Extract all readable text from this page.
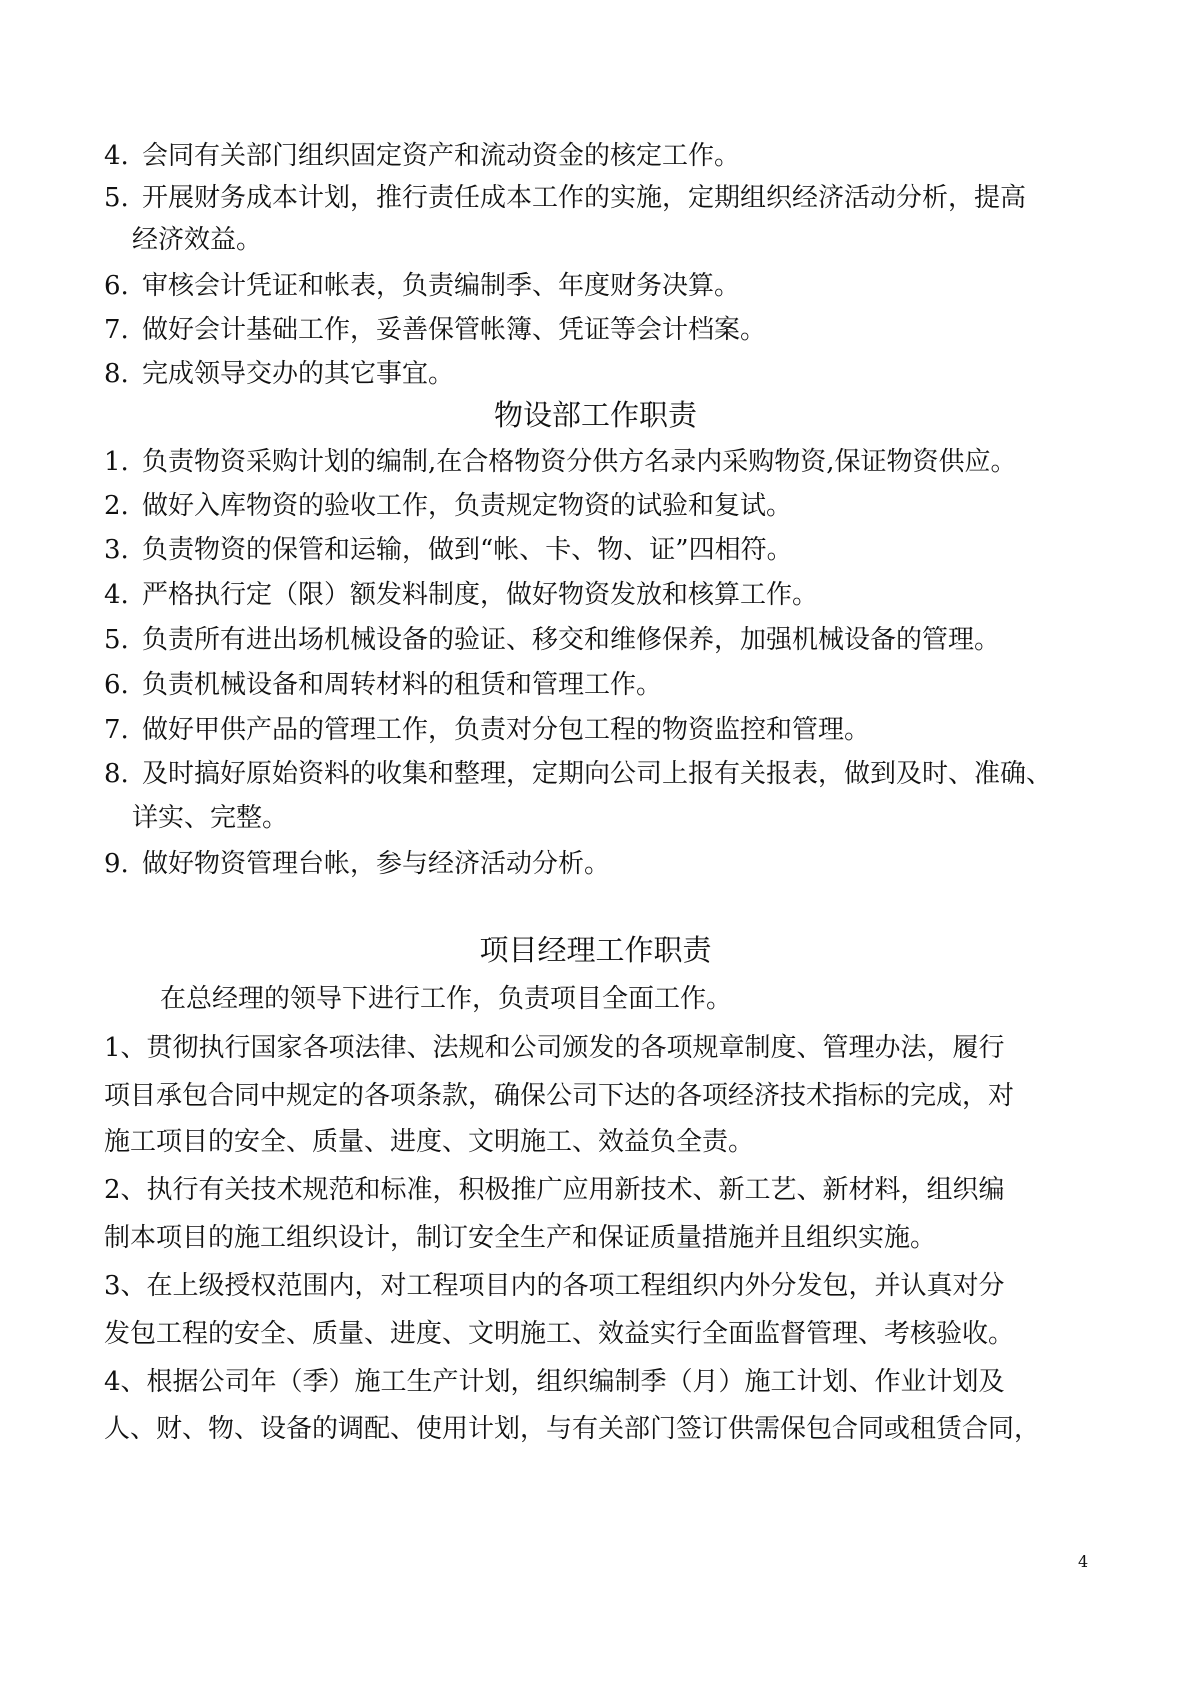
4. 会同有关部门组织固定资产和流动资金的核定工作。
5. 开展财务成本计划，推行责任成本工作的实施，定期组织经济活动分析，提高
经济效益。
6. 审核会计凭证和帐表，负责编制季、年度财务决算。
7. 做好会计基础工作，妥善保管帐簿、凭证等会计档案。
8. 完成领导交办的其它事宜。
物设部工作职责
1. 负责物资采购计划的编制,在合格物资分供方名录内采购物资,保证物资供应。
2. 做好入库物资的验收工作，负责规定物资的试验和复试。
3. 负责物资的保管和运输，做到“帐、卡、物、证”四相符。
4. 严格执行定（限）额发料制度，做好物资发放和核算工作。
5. 负责所有进出场机械设备的验证、移交和维修保养，加强机械设备的管理。
6. 负责机械设备和周转材料的租赁和管理工作。
7. 做好甲供产品的管理工作，负责对分包工程的物资监控和管理。
8. 及时搞好原始资料的收集和整理，定期向公司上报有关报表，做到及时、准确、
详实、完整。
9. 做好物资管理台帐，参与经济活动分析。
项目经理工作职责
在总经理的领导下进行工作，负责项目全面工作。
1、贯彻执行国家各项法律、法规和公司颁发的各项规章制度、管理办法，履行
项目承包合同中规定的各项条款，确保公司下达的各项经济技术指标的完成，对
施工项目的安全、质量、进度、文明施工、效益负全责。
2、执行有关技术规范和标准，积极推广应用新技术、新工艺、新材料，组织编
制本项目的施工组织设计，制订安全生产和保证质量措施并且组织实施。
3、在上级授权范围内，对工程项目内的各项工程组织内外分发包，并认真对分
发包工程的安全、质量、进度、文明施工、效益实行全面监督管理、考核验收。
4、根据公司年（季）施工生产计划，组织编制季（月）施工计划、作业计划及
人、财、物、设备的调配、使用计划，与有关部门签订供需保包合同或租赁合同，
4
